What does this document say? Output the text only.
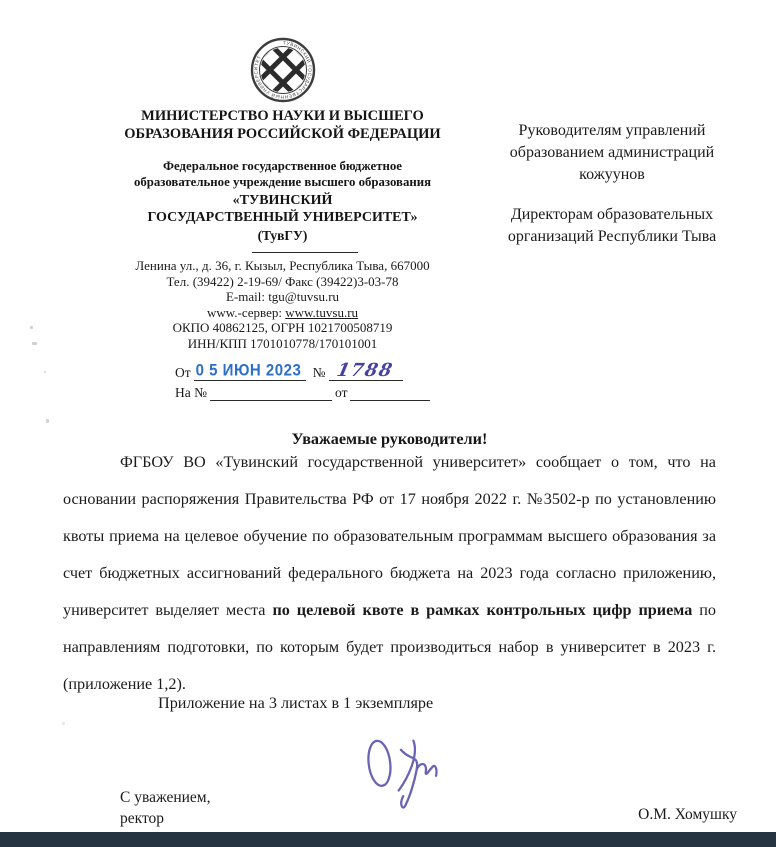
ТУВИНСКИЙ ГОСУДАРСТВЕННЫЙ УНИВЕРСИТЕТ
МИНИСТЕРСТВО НАУКИ И ВЫСШЕГО
ОБРАЗОВАНИЯ РОССИЙСКОЙ ФЕДЕРАЦИИ
Федеральное государственное бюджетное
образовательное учреждение высшего образования
«ТУВИНСКИЙ
ГОСУДАРСТВЕННЫЙ УНИВЕРСИТЕТ»
(ТувГУ)
Ленина ул., д. 36, г. Кызыл, Республика Тыва, 667000
Тел. (39422) 2-19-69/ Факс (39422)3-03-78
E-mail: tgu@tuvsu.ru
www.-сервер: www.tuvsu.ru
ОКПО 40862125, ОГРН 1021700508719
ИНН/КПП 1701010778/170101001
От 0 5 ИЮН 2023 № 1788
На №	от
Руководителям управлений
образованием администраций
кожуунов
Директорам образовательных
организаций Республики Тыва
Уважаемые руководители!
ФГБОУ ВО «Тувинский государственной университет» сообщает о том, что на основании распоряжения Правительства РФ от 17 ноября 2022 г. №3502-р по установлению квоты приема на целевое обучение по образовательным программам высшего образования за счет бюджетных ассигнований федерального бюджета на 2023 года согласно приложению, университет выделяет места по целевой квоте в рамках контрольных цифр приема по направлениям подготовки, по которым будет производиться набор в университет в 2023 г. (приложение 1,2).
Приложение на 3 листах в 1 экземпляре
С уважением,
ректор	О.М. Хомушку
